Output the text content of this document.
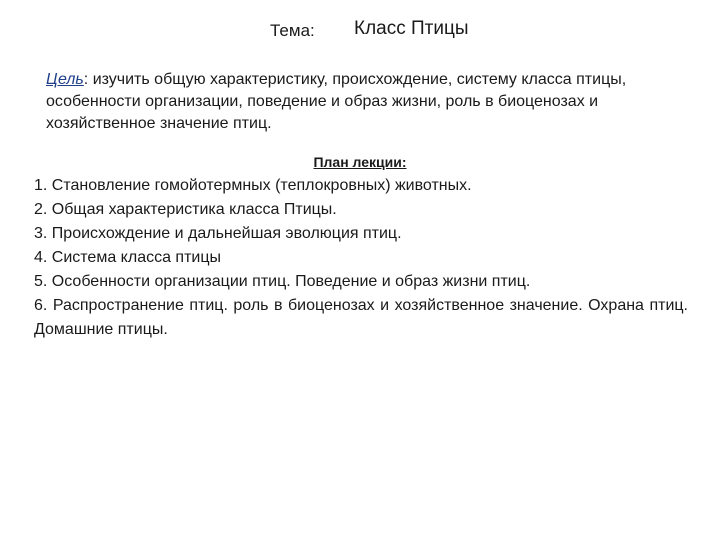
Тема: Класс Птицы
Цель: изучить общую характеристику, происхождение, систему класса птицы, особенности организации, поведение и образ жизни, роль в биоценозах и хозяйственное значение птиц.
План лекции:
1. Становление гомойотермных (теплокровных) животных.
2. Общая характеристика класса Птицы.
3. Происхождение и дальнейшая эволюция птиц.
4. Система класса птицы
5. Особенности организации птиц. Поведение и образ жизни птиц.
6. Распространение птиц. роль в биоценозах и хозяйственное значение. Охрана птиц. Домашние птицы.
